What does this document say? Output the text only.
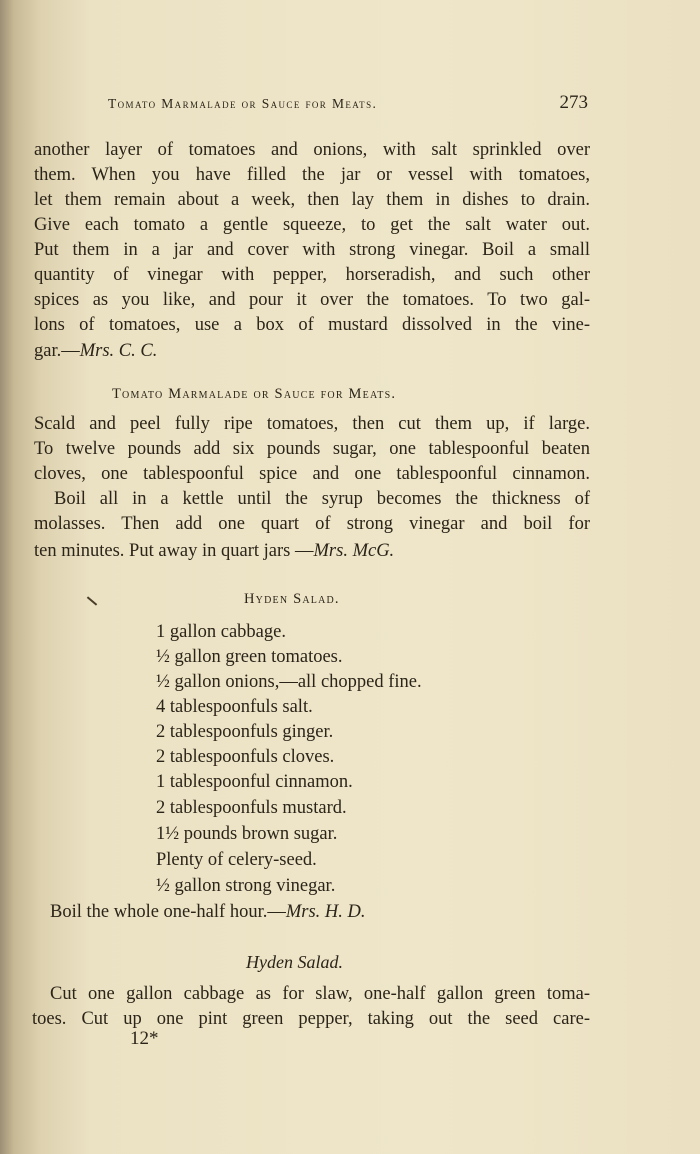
Tomato Marmalade or Sauce for Meats.	273
another layer of tomatoes and onions, with salt sprinkled over
them. When you have filled the jar or vessel with tomatoes,
let them remain about a week, then lay them in dishes to drain.
Give each tomato a gentle squeeze, to get the salt water out.
Put them in a jar and cover with strong vinegar. Boil a small
quantity of vinegar with pepper, horseradish, and such other
spices as you like, and pour it over the tomatoes. To two gal-
lons of tomatoes, use a box of mustard dissolved in the vine-
gar.—Mrs. C. C.
Tomato Marmalade or Sauce for Meats.
Scald and peel fully ripe tomatoes, then cut them up, if large.
To twelve pounds add six pounds sugar, one tablespoonful beaten
cloves, one tablespoonful spice and one tablespoonful cinnamon.
Boil all in a kettle until the syrup becomes the thickness of
molasses. Then add one quart of strong vinegar and boil for
ten minutes. Put away in quart jars —Mrs. McG.
Hyden Salad.
1 gallon cabbage.
½ gallon green tomatoes.
½ gallon onions,—all chopped fine.
4 tablespoonfuls salt.
2 tablespoonfuls ginger.
2 tablespoonfuls cloves.
1 tablespoonful cinnamon.
2 tablespoonfuls mustard.
1½ pounds brown sugar.
Plenty of celery-seed.
½ gallon strong vinegar.
Boil the whole one-half hour.—Mrs. H. D.
Hyden Salad.
Cut one gallon cabbage as for slaw, one-half gallon green toma-
toes. Cut up one pint green pepper, taking out the seed care-
12*
